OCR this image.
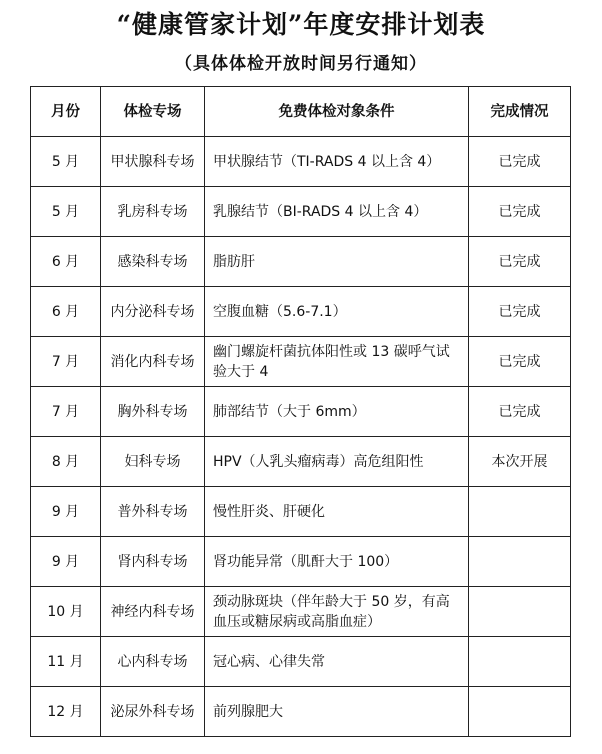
“健康管家计划”年度安排计划表
（具体体检开放时间另行通知）
月份	体检专场	免费体检对象条件	完成情况
5 月	甲状腺科专场	甲状腺结节（TI-RADS 4 以上含 4）	已完成
5 月	乳房科专场	乳腺结节（BI-RADS 4 以上含 4）	已完成
6 月	感染科专场	脂肪肝	已完成
6 月	内分泌科专场	空腹血糖（5.6-7.1）	已完成
7 月	消化内科专场	幽门螺旋杆菌抗体阳性或 13 碳呼气试验大于 4	已完成
7 月	胸外科专场	肺部结节（大于 6mm）	已完成
8 月	妇科专场	HPV（人乳头瘤病毒）高危组阳性	本次开展
9 月	普外科专场	慢性肝炎、肝硬化	
9 月	肾内科专场	肾功能异常（肌酐大于 100）	
10 月	神经内科专场	颈动脉斑块（伴年龄大于 50 岁，有高血压或糖尿病或高脂血症）	
11 月	心内科专场	冠心病、心律失常	
12 月	泌尿外科专场	前列腺肥大	
